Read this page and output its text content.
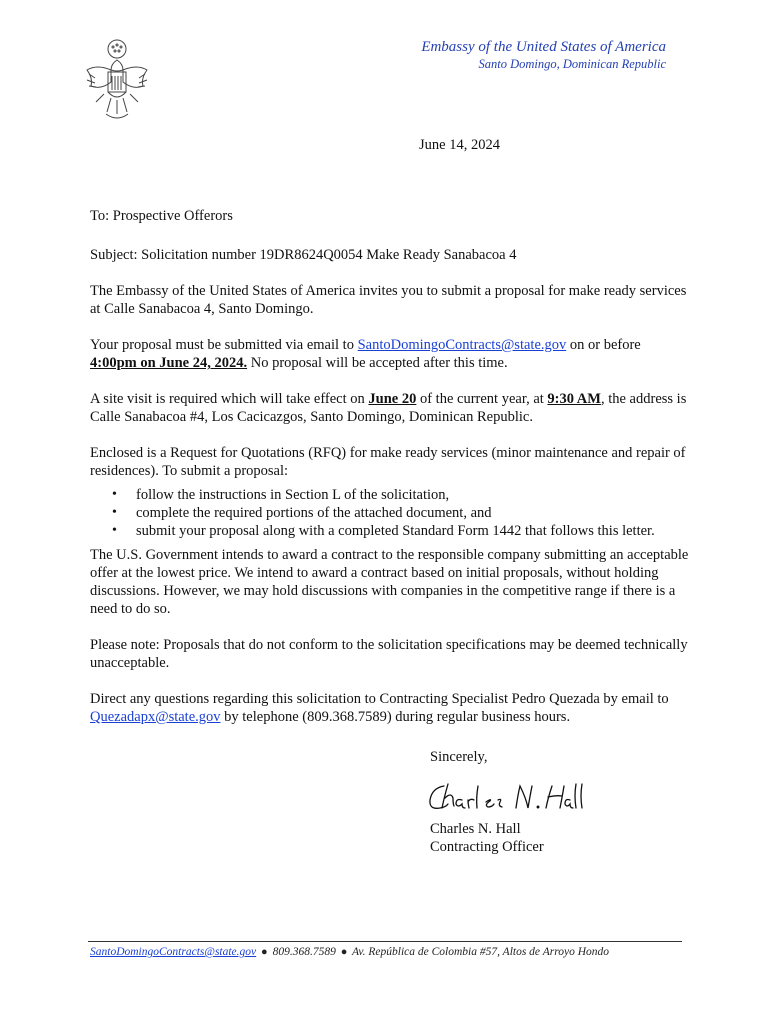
Embassy of the United States of America
Santo Domingo, Dominican Republic
June 14, 2024

To: Prospective Offerors

Subject: Solicitation number 19DR8624Q0054 Make Ready Sanabacoa 4

The Embassy of the United States of America invites you to submit a proposal for make ready services at Calle Sanabacoa 4, Santo Domingo.

Your proposal must be submitted via email to SantoDomingoContracts@state.gov on or before 4:00pm on June 24, 2024. No proposal will be accepted after this time.

A site visit is required which will take effect on June 20 of the current year, at 9:30 AM, the address is Calle Sanabacoa #4, Los Cacicazgos, Santo Domingo, Dominican Republic.

Enclosed is a Request for Quotations (RFQ) for make ready services (minor maintenance and repair of residences). To submit a proposal:

• follow the instructions in Section L of the solicitation,
• complete the required portions of the attached document, and
• submit your proposal along with a completed Standard Form 1442 that follows this letter.

The U.S. Government intends to award a contract to the responsible company submitting an acceptable offer at the lowest price. We intend to award a contract based on initial proposals, without holding discussions. However, we may hold discussions with companies in the competitive range if there is a need to do so.

Please note: Proposals that do not conform to the solicitation specifications may be deemed technically unacceptable.

Direct any questions regarding this solicitation to Contracting Specialist Pedro Quezada by email to Quezadapx@state.gov by telephone (809.368.7589) during regular business hours.

Sincerely,
Charles N. Hall
Contracting Officer
SantoDomingoContracts@state.gov ● 809.368.7589 ● Av. República de Colombia #57, Altos de Arroyo Hondo
